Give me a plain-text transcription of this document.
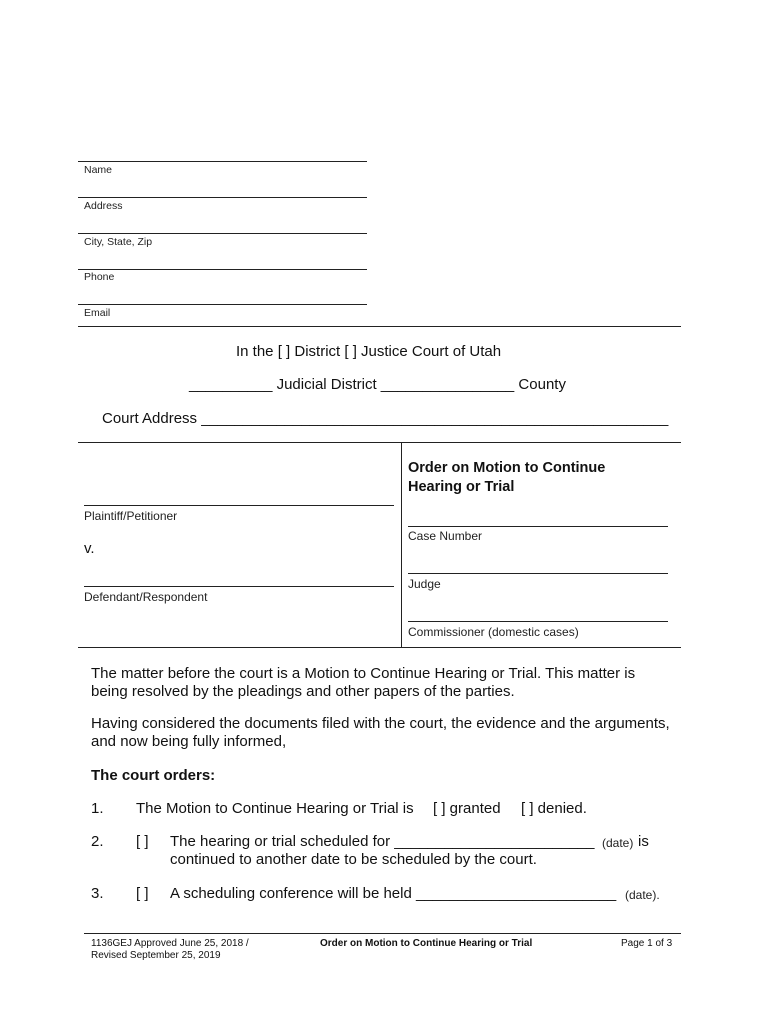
Name
Address
City, State, Zip
Phone
Email
In the [ ] District [ ] Justice Court of Utah
__________ Judicial District ________________ County
Court Address ________________________________________________________
Plaintiff/Petitioner
v.
Defendant/Respondent
Order on Motion to Continue
Hearing or Trial
Case Number
Judge
Commissioner (domestic cases)
The matter before the court is a Motion to Continue Hearing or Trial. This matter is
being resolved by the pleadings and other papers of the parties.
Having considered the documents filed with the court, the evidence and the arguments,
and now being fully informed,
The court orders:
1. The Motion to Continue Hearing or Trial is [ ] granted [ ] denied.
2. [ ] The hearing or trial scheduled for ________________________ (date) is
continued to another date to be scheduled by the court.
3. [ ] A scheduling conference will be held ________________________ (date).
1136GEJ Approved June 25, 2018 /
Revised September 25, 2019
Order on Motion to Continue Hearing or Trial	Page 1 of 3
